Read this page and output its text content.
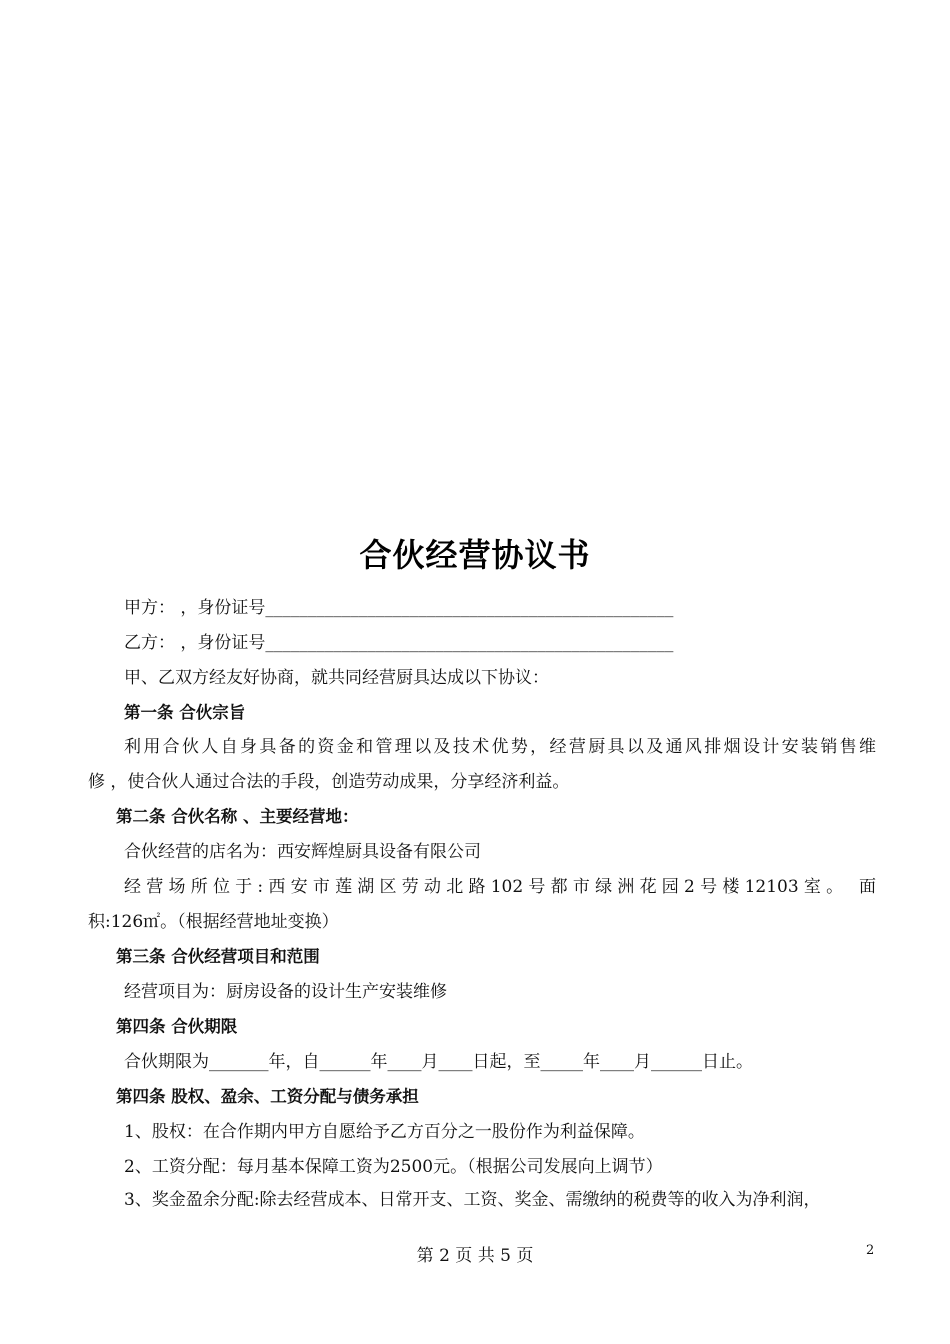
合伙经营协议书
甲方： ，身份证号________________________________________________
乙方： ，身份证号________________________________________________
甲、乙双方经友好协商，就共同经营厨具达成以下协议：
第一条 合伙宗旨
利用合伙人自身具备的资金和管理以及技术优势，经营厨具以及通风排烟设计安装销售维
修 ，使合伙人通过合法的手段，创造劳动成果，分享经济利益。
第二条 合伙名称 、主要经营地：
合伙经营的店名为：西安辉煌厨具设备有限公司
经营场所位于:西安市莲湖区劳动北路102号都市绿洲花园2号楼12103室。 面
积:126㎡。（根据经营地址变换）
第三条 合伙经营项目和范围
经营项目为：厨房设备的设计生产安装维修
第四条 合伙期限
合伙期限为_______年，自______年____月____日起，至_____年____月______日止。
第四条 股权、盈余、工资分配与债务承担
1、股权：在合作期内甲方自愿给予乙方百分之一股份作为利益保障。
2、工资分配：每月基本保障工资为2500元。（根据公司发展向上调节）
3、奖金盈余分配:除去经营成本、日常开支、工资、奖金、需缴纳的税费等的收入为净利润，
第 2 页 共 5 页	2
